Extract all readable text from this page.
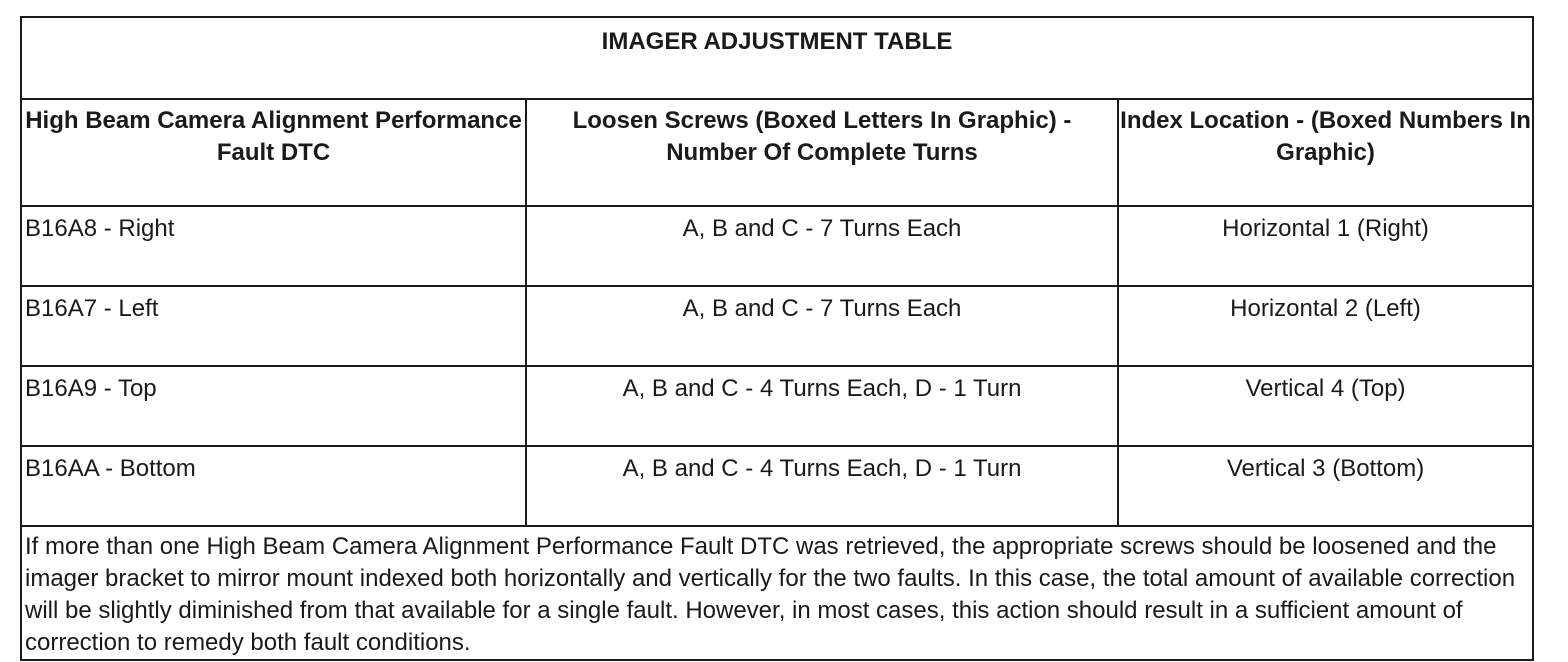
IMAGER ADJUSTMENT TABLE		
High Beam Camera Alignment Performance Fault DTC	Loosen Screws (Boxed Letters In Graphic) - Number Of Complete Turns	Index Location - (Boxed Numbers In Graphic)
B16A8 - Right	A, B and C - 7 Turns Each	Horizontal 1 (Right)
B16A7 - Left	A, B and C - 7 Turns Each	Horizontal 2 (Left)
B16A9 - Top	A, B and C - 4 Turns Each, D - 1 Turn	Vertical 4 (Top)
B16AA - Bottom	A, B and C - 4 Turns Each, D - 1 Turn	Vertical 3 (Bottom)
If more than one High Beam Camera Alignment Performance Fault DTC was retrieved, the appropriate screws should be loosened and the imager bracket to mirror mount indexed both horizontally and vertically for the two faults. In this case, the total amount of available correction will be slightly diminished from that available for a single fault. However, in most cases, this action should result in a sufficient amount of correction to remedy both fault conditions.		
